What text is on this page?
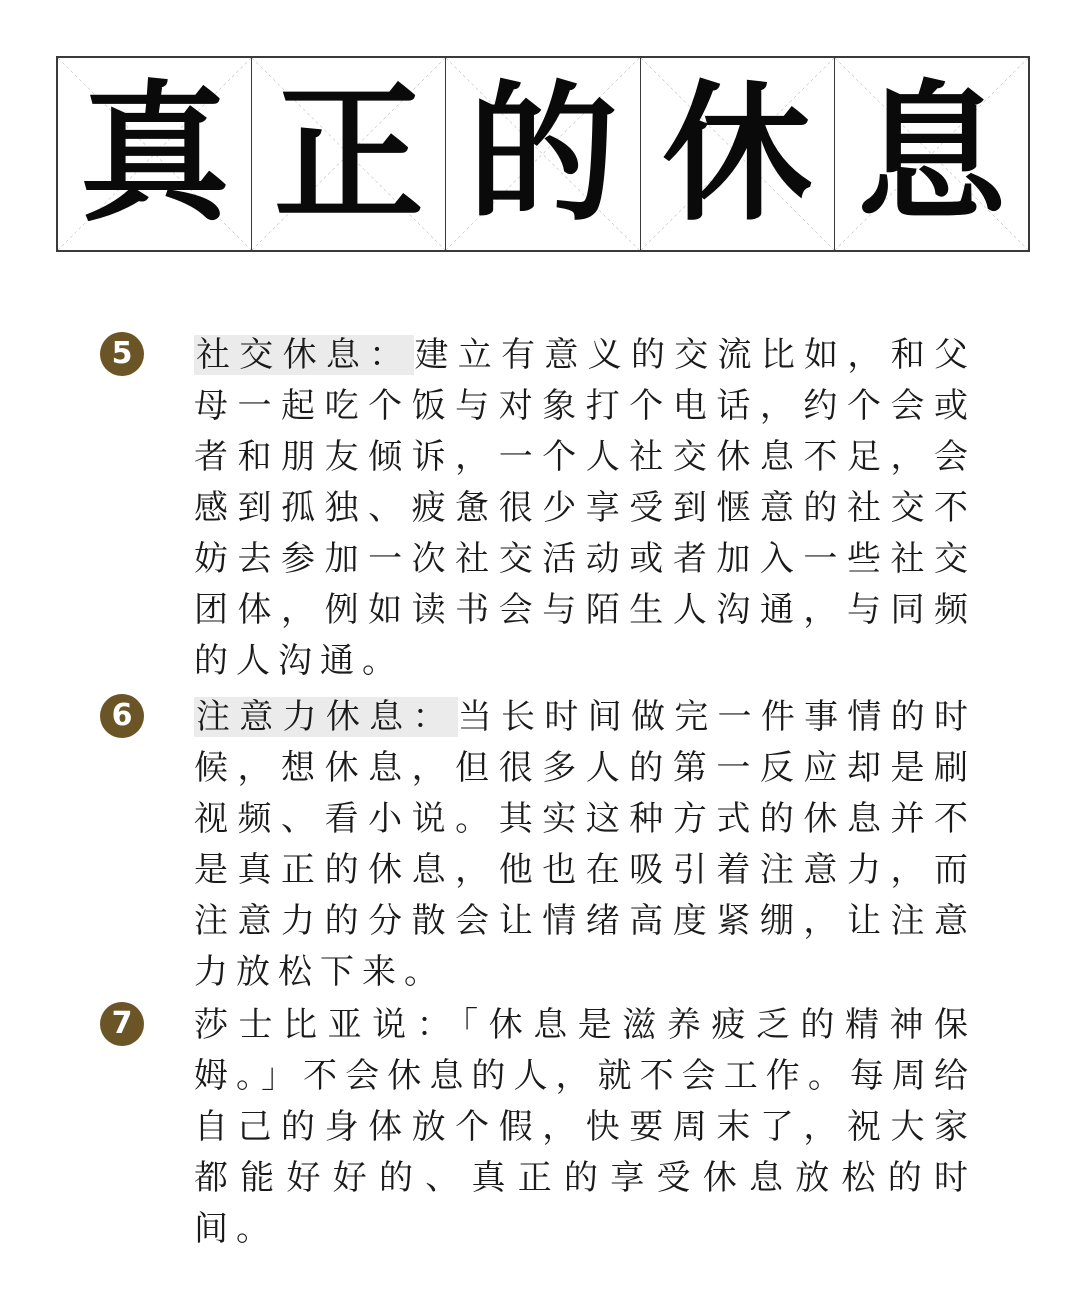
真 正 的 休 息
5	社交休息：建立有意义的交流比如，和父母一起吃个饭与对象打个电话，约个会或者和朋友倾诉，一个人社交休息不足，会感到孤独、疲惫很少享受到惬意的社交不妨去参加一次社交活动或者加入一些社交团体，例如读书会与陌生人沟通，与同频的人沟通。
6	注意力休息：当长时间做完一件事情的时候，想休息，但很多人的第一反应却是刷视频、看小说。其实这种方式的休息并不是真正的休息，他也在吸引着注意力，而注意力的分散会让情绪高度紧绷，让注意力放松下来。
7	莎士比亚说：「休息是滋养疲乏的精神保姆。」不会休息的人，就不会工作。每周给自己的身体放个假，快要周末了，祝大家都能好好的、真正的享受休息放松的时间。
